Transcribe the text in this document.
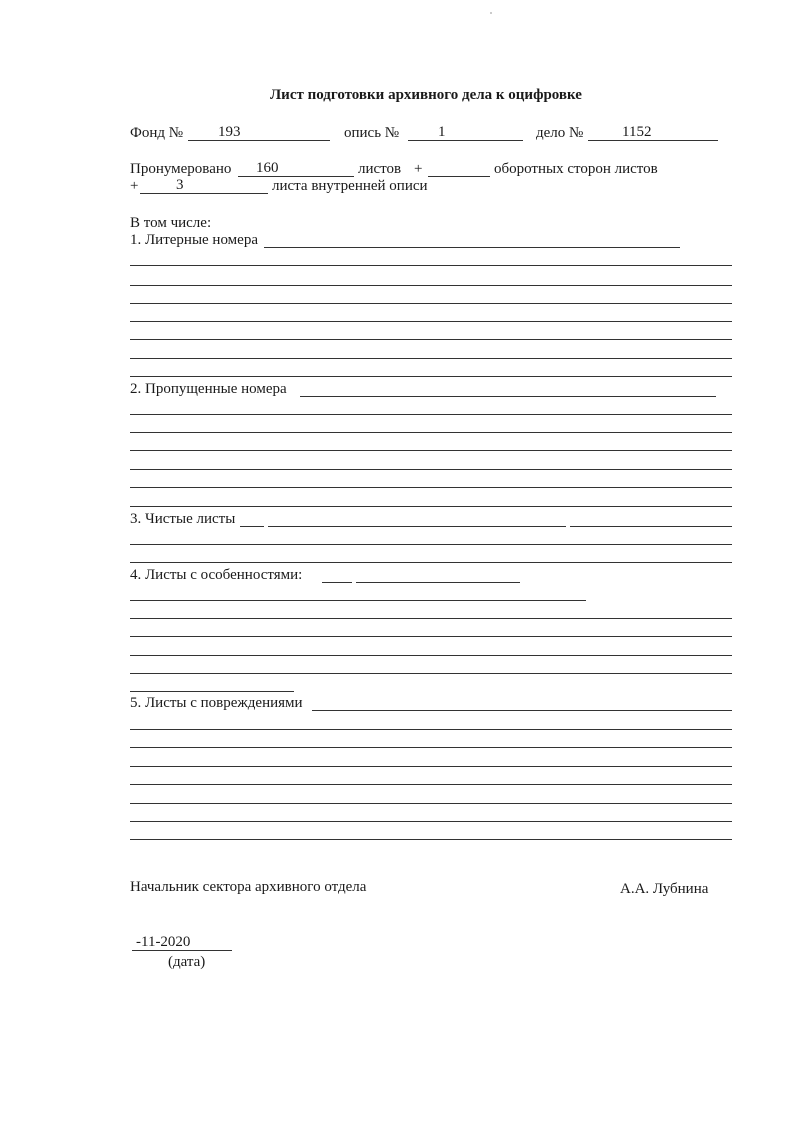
Лист подготовки архивного дела к оцифровке
Фонд № 193	опись №	1	дело №	1152
Пронумеровано 160	листов +	оборотных сторон листов
+	3	листа внутренней описи
В том числе:
1. Литерные номера
2. Пропущенные номера
3. Чистые листы
4. Листы с особенностями:
5. Листы с повреждениями
Начальник сектора архивного отдела	А.А. Лубнина
-11-2020
(дата)
